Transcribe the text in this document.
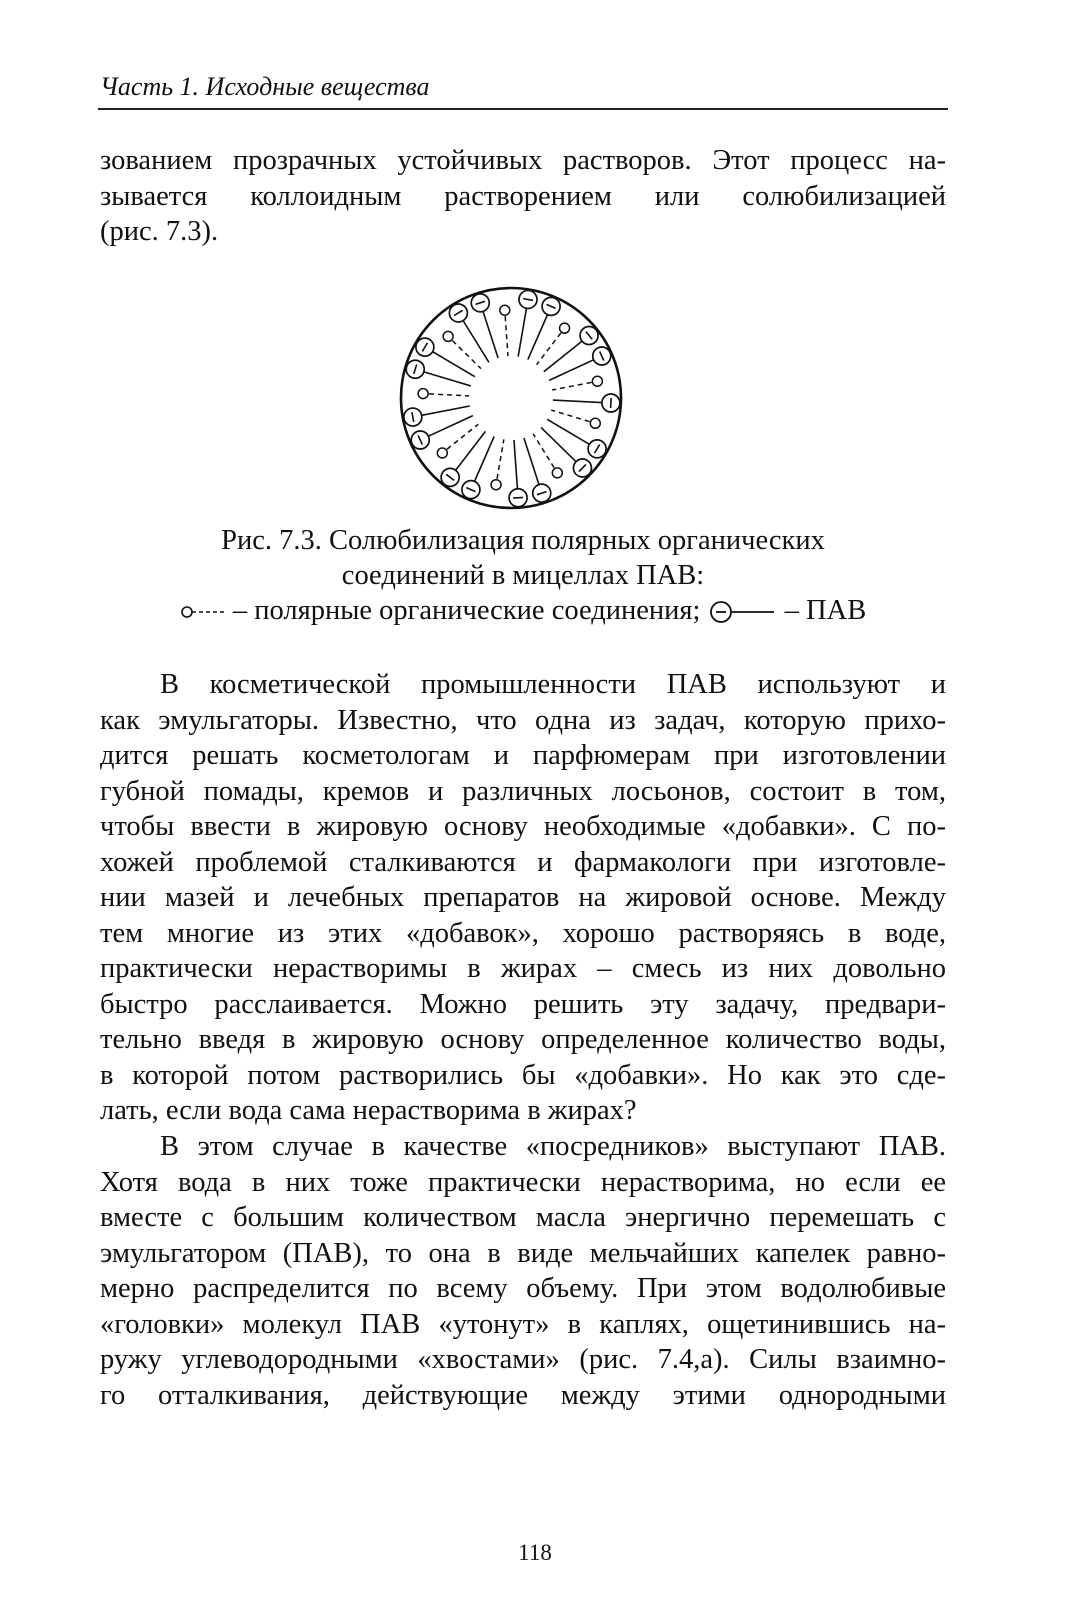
Часть 1. Исходные вещества
зованием прозрачных устойчивых растворов. Этот процесс на-
зывается коллоидным растворением или солюбилизацией
(рис. 7.3).
Рис. 7.3. Солюбилизация полярных органических
соединений в мицеллах ПАВ:
– полярные органические соединения;	– ПАВ
В косметической промышленности ПАВ используют и
как эмульгаторы. Известно, что одна из задач, которую прихо-
дится решать косметологам и парфюмерам при изготовлении
губной помады, кремов и различных лосьонов, состоит в том,
чтобы ввести в жировую основу необходимые «добавки». С по-
хожей проблемой сталкиваются и фармакологи при изготовле-
нии мазей и лечебных препаратов на жировой основе. Между
тем многие из этих «добавок», хорошо растворяясь в воде,
практически нерастворимы в жирах – смесь из них довольно
быстро расслаивается. Можно решить эту задачу, предвари-
тельно введя в жировую основу определенное количество воды,
в которой потом растворились бы «добавки». Но как это сде-
лать, если вода сама нерастворима в жирах?
В этом случае в качестве «посредников» выступают ПАВ.
Хотя вода в них тоже практически нерастворима, но если ее
вместе с большим количеством масла энергично перемешать с
эмульгатором (ПАВ), то она в виде мельчайших капелек равно-
мерно распределится по всему объему. При этом водолюбивые
«головки» молекул ПАВ «утонут» в каплях, ощетинившись на-
ружу углеводородными «хвостами» (рис. 7.4,а). Силы взаимно-
го отталкивания, действующие между этими однородными
118
